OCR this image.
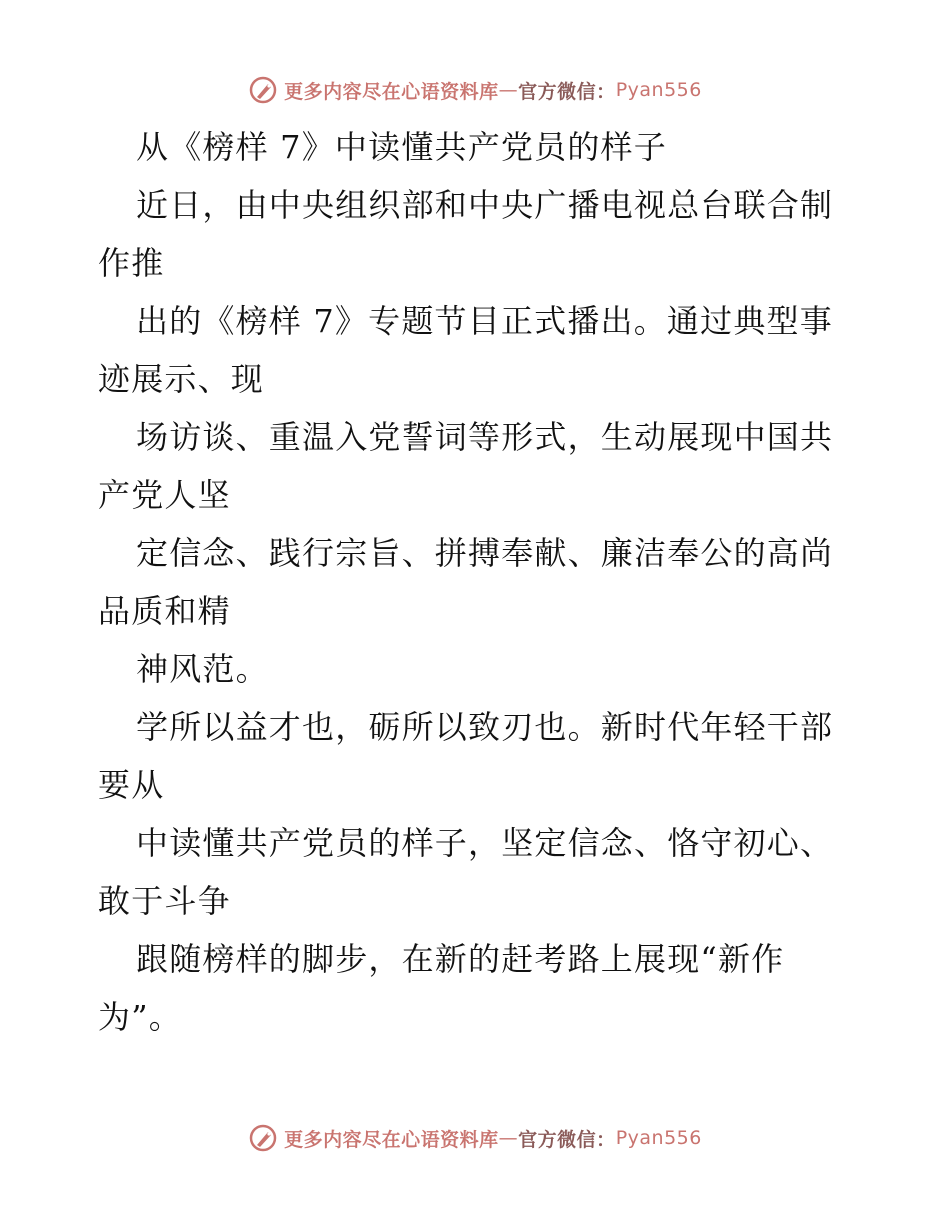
更多内容尽在心语资料库 — 官方微信： Pyan556
从《榜样 7》中读懂共产党员的样子
近日，由中央组织部和中央广播电视总台联合制
作推
出的《榜样 7》专题节目正式播出。通过典型事
迹展示、现
场访谈、重温入党誓词等形式，生动展现中国共
产党人坚
定信念、践行宗旨、拼搏奉献、廉洁奉公的高尚
品质和精
神风范。
学所以益才也，砺所以致刃也。新时代年轻干部
要从
中读懂共产党员的样子，坚定信念、恪守初心、
敢于斗争
跟随榜样的脚步，在新的赶考路上展现“新作
为”。
更多内容尽在心语资料库 — 官方微信： Pyan556
